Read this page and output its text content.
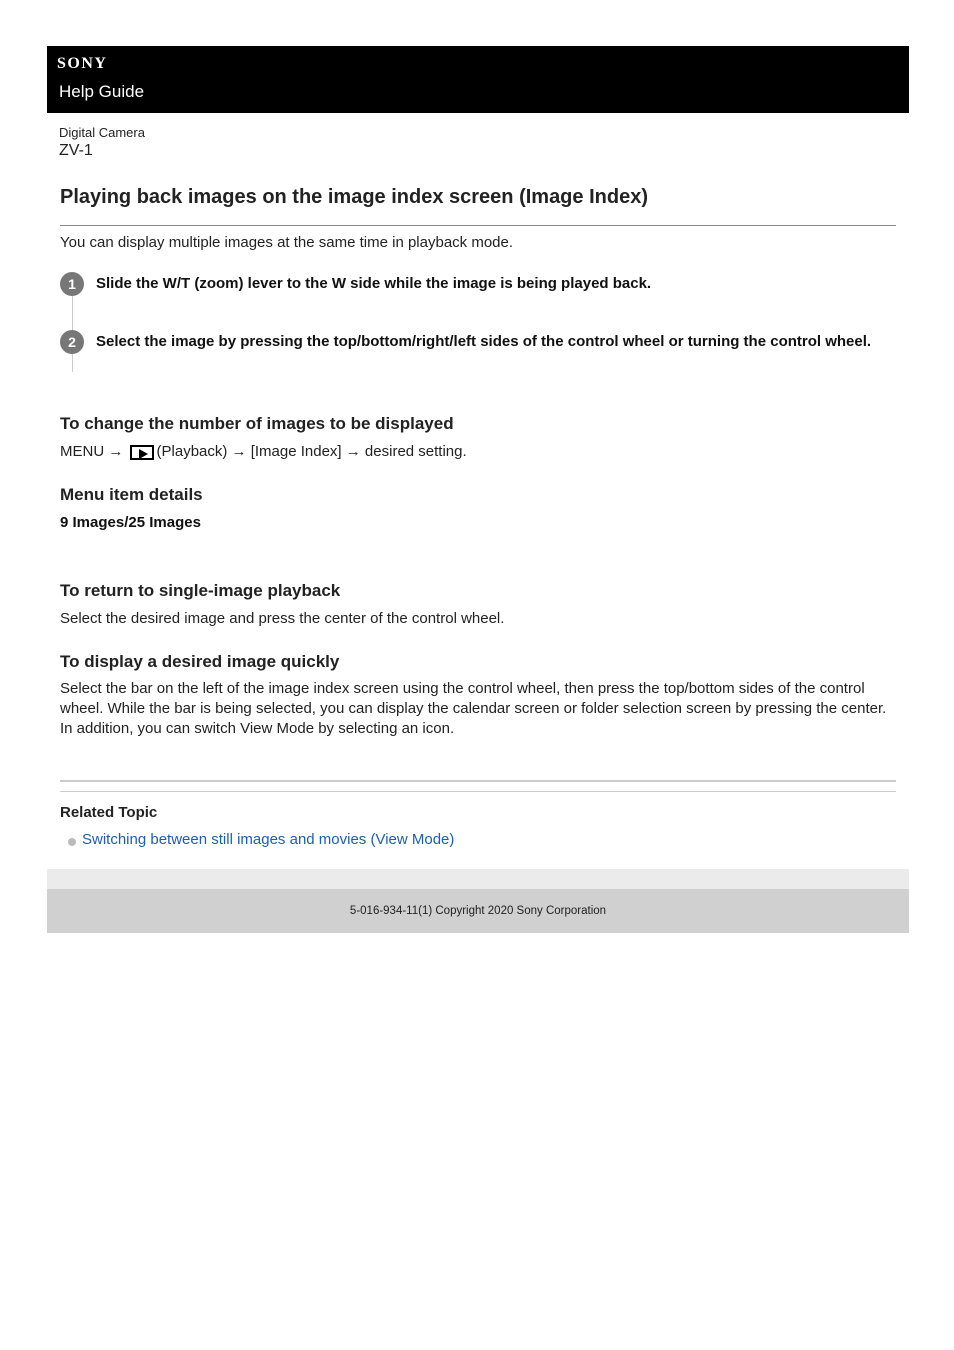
SONY
Help Guide
Digital Camera
ZV-1
Playing back images on the image index screen (Image Index)
You can display multiple images at the same time in playback mode.
1	Slide the W/T (zoom) lever to the W side while the image is being played back.
2	Select the image by pressing the top/bottom/right/left sides of the control wheel or turning the control wheel.
To change the number of images to be displayed
MENU → (Playback) → [Image Index] → desired setting.
Menu item details
9 Images/25 Images
To return to single-image playback
Select the desired image and press the center of the control wheel.
To display a desired image quickly
Select the bar on the left of the image index screen using the control wheel, then press the top/bottom sides of the control wheel. While the bar is being selected, you can display the calendar screen or folder selection screen by pressing the center. In addition, you can switch View Mode by selecting an icon.
Related Topic
Switching between still images and movies (View Mode)
5-016-934-11(1) Copyright 2020 Sony Corporation
